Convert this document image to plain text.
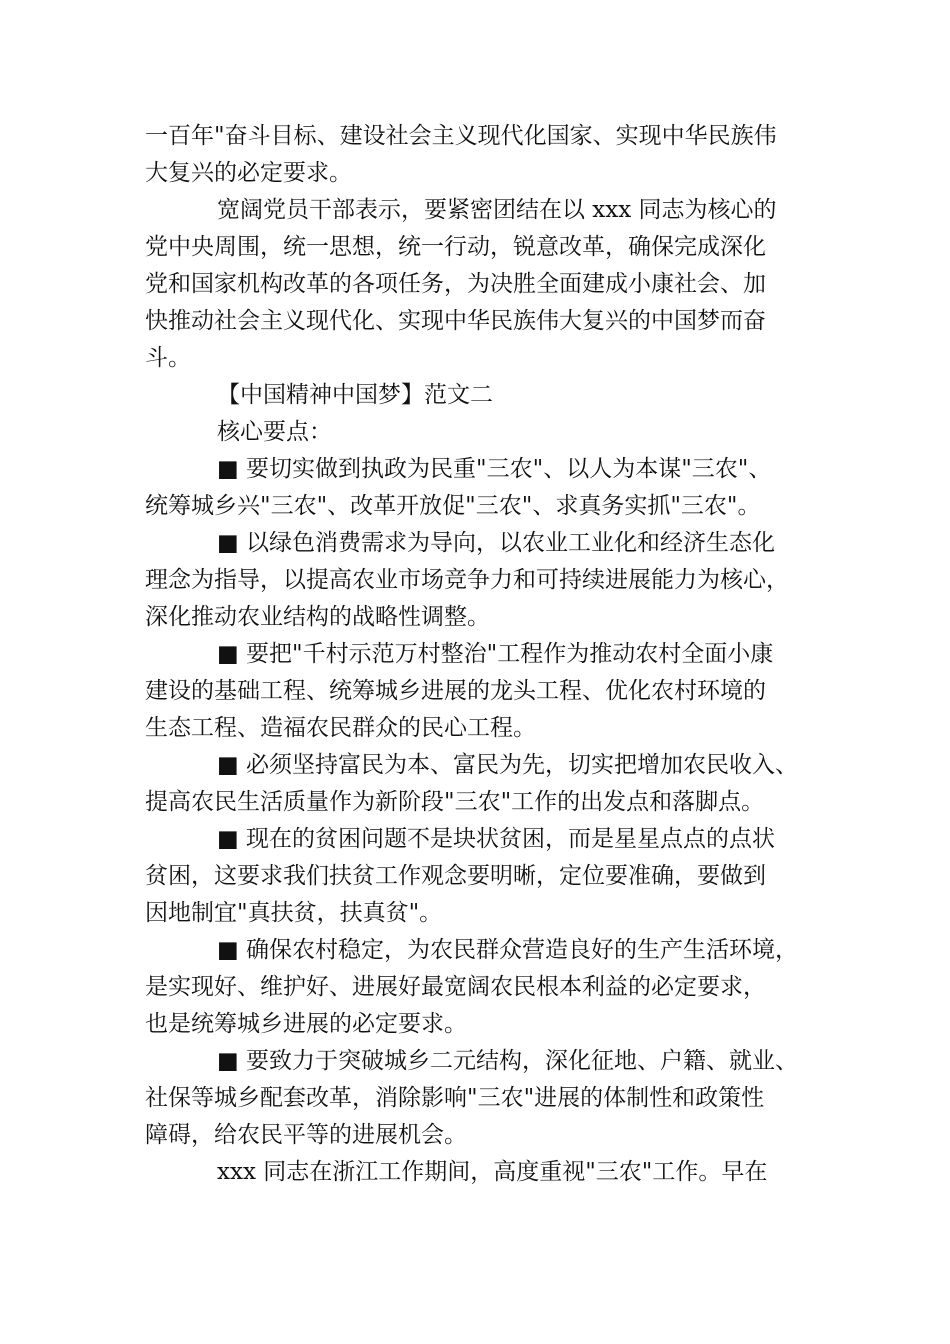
一百年"奋斗目标、建设社会主义现代化国家、实现中华民族伟
大复兴的必定要求。

宽阔党员干部表示，要紧密团结在以 xxx 同志为核心的
党中央周围，统一思想，统一行动，锐意改革，确保完成深化
党和国家机构改革的各项任务，为决胜全面建成小康社会、加
快推动社会主义现代化、实现中华民族伟大复兴的中国梦而奋
斗。

【中国精神中国梦】范文二

核心要点：

■ 要切实做到执政为民重"三农"、以人为本谋"三农"、
统筹城乡兴"三农"、改革开放促"三农"、求真务实抓"三农"。

■ 以绿色消费需求为导向，以农业工业化和经济生态化
理念为指导，以提高农业市场竞争力和可持续进展能力为核心，
深化推动农业结构的战略性调整。

■ 要把"千村示范万村整治"工程作为推动农村全面小康
建设的基础工程、统筹城乡进展的龙头工程、优化农村环境的
生态工程、造福农民群众的民心工程。

■ 必须坚持富民为本、富民为先，切实把增加农民收入、
提高农民生活质量作为新阶段"三农"工作的出发点和落脚点。

■ 现在的贫困问题不是块状贫困，而是星星点点的点状
贫困，这要求我们扶贫工作观念要明晰，定位要准确，要做到
因地制宜"真扶贫，扶真贫"。

■ 确保农村稳定，为农民群众营造良好的生产生活环境，
是实现好、维护好、进展好最宽阔农民根本利益的必定要求，
也是统筹城乡进展的必定要求。

■ 要致力于突破城乡二元结构，深化征地、户籍、就业、
社保等城乡配套改革，消除影响"三农"进展的体制性和政策性
障碍，给农民平等的进展机会。

xxx 同志在浙江工作期间，高度重视"三农"工作。早在
